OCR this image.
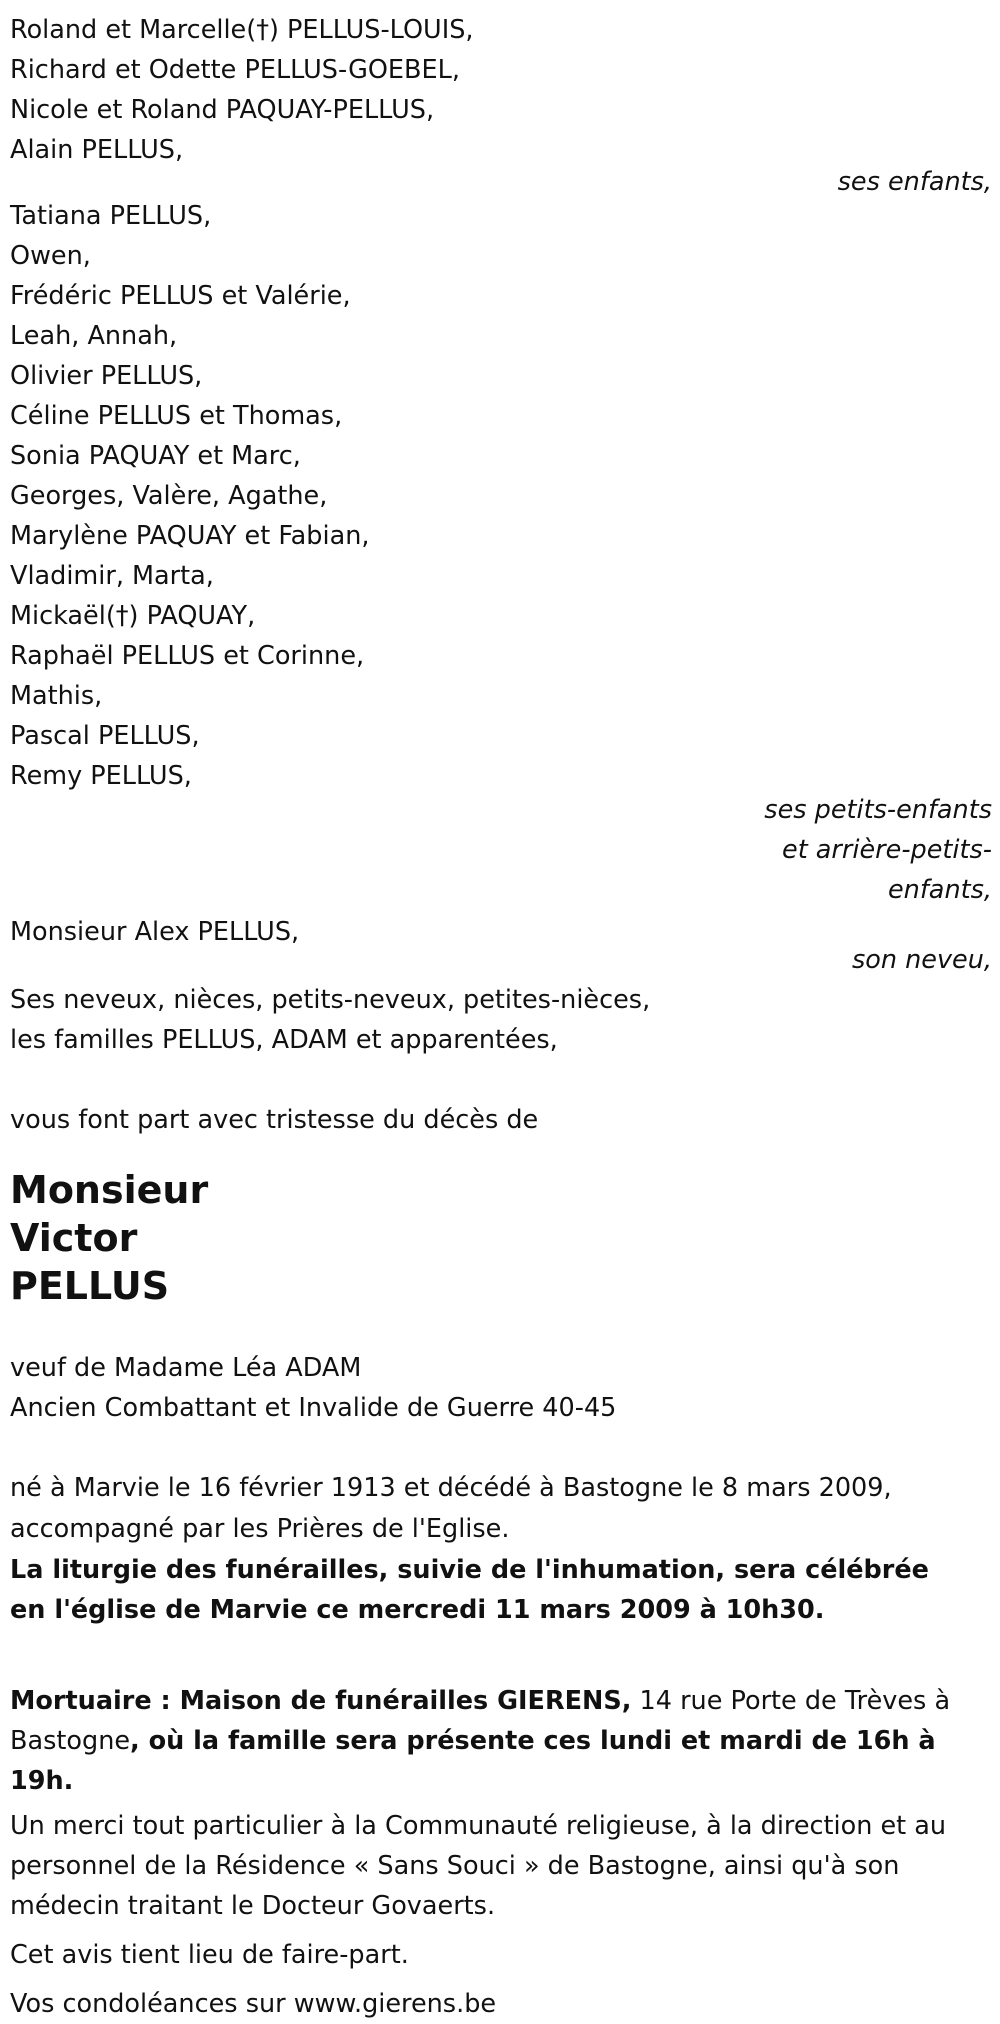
Roland et Marcelle(†) PELLUS-LOUIS,
Richard et Odette PELLUS-GOEBEL,
Nicole et Roland PAQUAY-PELLUS,
Alain PELLUS,
ses enfants,
Tatiana PELLUS,
Owen,
Frédéric PELLUS et Valérie,
Leah, Annah,
Olivier PELLUS,
Céline PELLUS et Thomas,
Sonia PAQUAY et Marc,
Georges, Valère, Agathe,
Marylène PAQUAY et Fabian,
Vladimir, Marta,
Mickaël(†) PAQUAY,
Raphaël PELLUS et Corinne,
Mathis,
Pascal PELLUS,
Remy PELLUS,
ses petits-enfants
et arrière-petits-
enfants,
Monsieur Alex PELLUS,
son neveu,
Ses neveux, nièces, petits-neveux, petites-nièces,
les familles PELLUS, ADAM et apparentées,
vous font part avec tristesse du décès de
Monsieur
Victor
PELLUS
veuf de Madame Léa ADAM
Ancien Combattant et Invalide de Guerre 40-45
né à Marvie le 16 février 1913 et décédé à Bastogne le 8 mars 2009,
accompagné par les Prières de l'Eglise.
La liturgie des funérailles, suivie de l'inhumation, sera célébrée en l'église de Marvie ce mercredi 11 mars 2009 à 10h30.
Mortuaire : Maison de funérailles GIERENS, 14 rue Porte de Trèves à Bastogne, où la famille sera présente ces lundi et mardi de 16h à 19h.
Un merci tout particulier à la Communauté religieuse, à la direction et au personnel de la Résidence « Sans Souci » de Bastogne, ainsi qu'à son médecin traitant le Docteur Govaerts.
Cet avis tient lieu de faire-part.
Vos condoléances sur www.gierens.be
